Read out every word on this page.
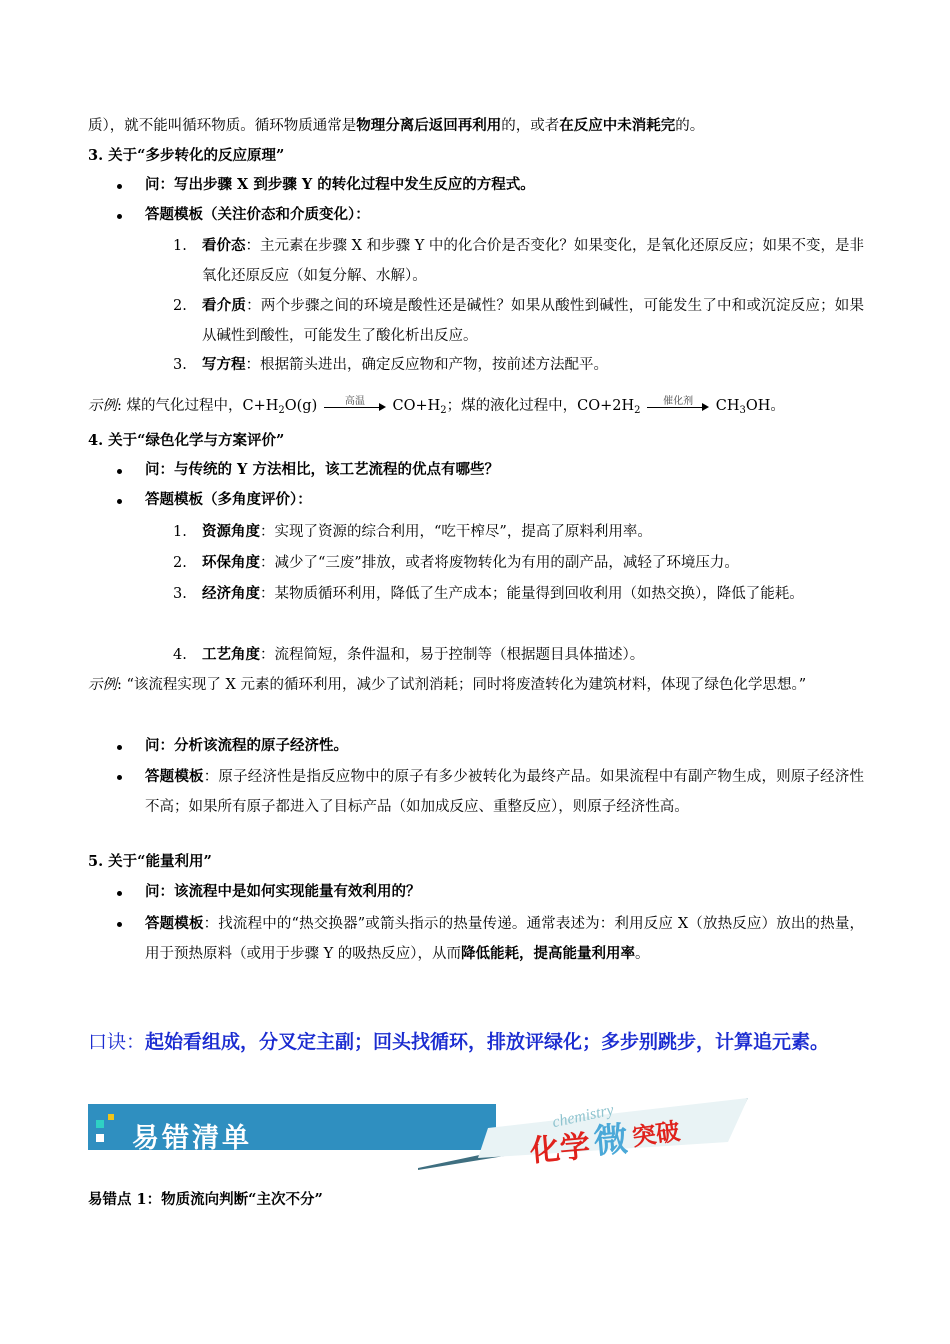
质），就不能叫循环物质。循环物质通常是物理分离后返回再利用的，或者在反应中未消耗完的。
3. 关于“多步转化的反应原理”
问：写出步骤 X 到步骤 Y 的转化过程中发生反应的方程式。
答题模板（关注价态和介质变化）：
1. 看价态：主元素在步骤 X 和步骤 Y 中的化合价是否变化？如果变化，是氧化还原反应；如果不变，是非氧化还原反应（如复分解、水解）。
2. 看介质：两个步骤之间的环境是酸性还是碱性？如果从酸性到碱性，可能发生了中和或沉淀反应；如果从碱性到酸性，可能发生了酸化析出反应。
3. 写方程：根据箭头进出，确定反应物和产物，按前述方法配平。
示例: 煤的气化过程中，$C+H_2O(g)$	高温	$CO+H_2$；煤的液化过程中，$CO+2H_2$
催化剂	$CH_3OH$。
4. 关于“绿色化学与方案评价”
问：与传统的 Y 方法相比，该工艺流程的优点有哪些？
答题模板（多角度评价）：
1. 资源角度：实现了资源的综合利用，“吃干榨尽”，提高了原料利用率。
2. 环保角度：减少了“三废”排放，或者将废物转化为有用的副产品，减轻了环境压力。
3. 经济角度：某物质循环利用，降低了生产成本；能量得到回收利用（如热交换），降低了能耗。
4. 工艺角度：流程简短，条件温和，易于控制等（根据题目具体描述）。
示例: “该流程实现了 X 元素的循环利用，减少了试剂消耗；同时将废渣转化为建筑材料，体现了绿色化学思想。”
问：分析该流程的原子经济性。
答题模板：原子经济性是指反应物中的原子有多少被转化为最终产品。如果流程中有副产物生成，则原子经济性不高；如果所有原子都进入了目标产品（如加成反应、重整反应），则原子经济性高。
5. 关于“能量利用”
问：该流程中是如何实现能量有效利用的？
答题模板：找流程中的“热交换器”或箭头指示的热量传递。通常表述为：利用反应 X（放热反应）放出的热量，用于预热原料（或用于步骤 Y 的吸热反应），从而降低能耗，提高能量利用率。
口诀：起始看组成，分叉定主副；回头找循环，排放评绿化；多步别跳步，计算追元素。
易错清单
chemistry
化学 微 突破
易错点 1：物质流向判断“主次不分”
